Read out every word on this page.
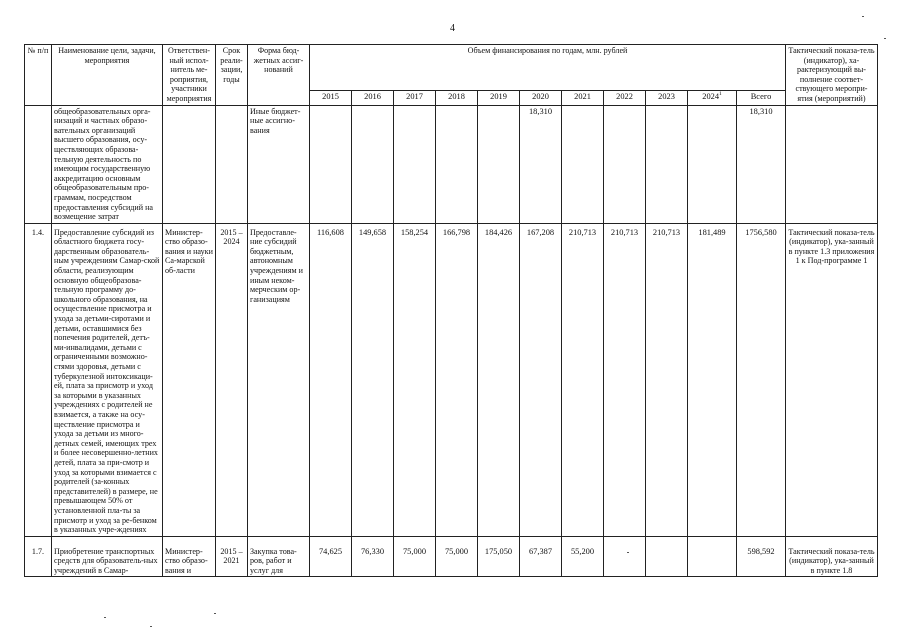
4
№ п/п	Наименование цели, задачи, мероприятия	Ответствен-ный испол-нитель ме-роприятия, участники мероприятия	Срок реали-зации, годы	Форма бюд-жетных ассиг-нований	Объем финансирования по годам, млн. рублей											Тактический показа-тель (индикатор), ха-рактеризующий вы-полнение соответ-ствующего меропри-ятия (мероприятий)
					2015	2016	2017	2018	2019	2020	2021	2022	2023	2024$^1$	Всего	
	общеобразовательных орга-низаций и частных образо-вательных организаций высшего образования, осу-ществляющих образова-тельную деятельность по имеющим государственную аккредитацию основным общеобразовательным про-граммам, посредством предоставления субсидий на возмещение затрат			Иные бюджет-ные ассигно-вания						18,310					18,310	
1.4.	Предоставление субсидий из областного бюджета госу-дарственным образователь-ным учреждениям Самар-ской области, реализующим основную общеобразова-тельную программу до-школьного образования, на осуществление присмотра и ухода за детьми-сиротами и детьми, оставшимися без попечения родителей, детъ-ми-инвалидами, детьми с ограниченными возможно-стями здоровья, детьми с туберкулезной интоксикаци-ей, плата за присмотр и уход за которыми в указанных учреждениях с родителей не взимается, а также на осу-ществление присмотра и ухода за детьми из много-детных семей, имеющих трех и более несовершенно-летних детей, плата за при-смотр и уход за которыми взимается с родителей (за-конных представителей) в размере, не превышающем 50% от установленной пла-ты за присмотр и уход за ре-бенком в указанных учре-ждениях	Министер-ство образо-вания и науки Са-марской об-ласти	2015 – 2024	Предоставле-ние субсидий бюджетным, автономным учреждениям и иным неком-мерческим ор-ганизациям	116,608	149,658	158,254	166,798	184,426	167,208	210,713	210,713	210,713	181,489	1756,580	Тактический показа-тель (индикатор), ука-занный в пункте 1.3 приложения 1 к Под-программе 1
1.7.	Приобретение транспортных средств для образователь-ных учреждений в Самар-	Министер-ство образо-вания и	2015 – 2021	Закупка това-ров, работ и услуг для	74,625	76,330	75,000	75,000	175,050	67,387	55,200				598,592	Тактический показа-тель (индикатор), ука-занный в пункте 1.8
